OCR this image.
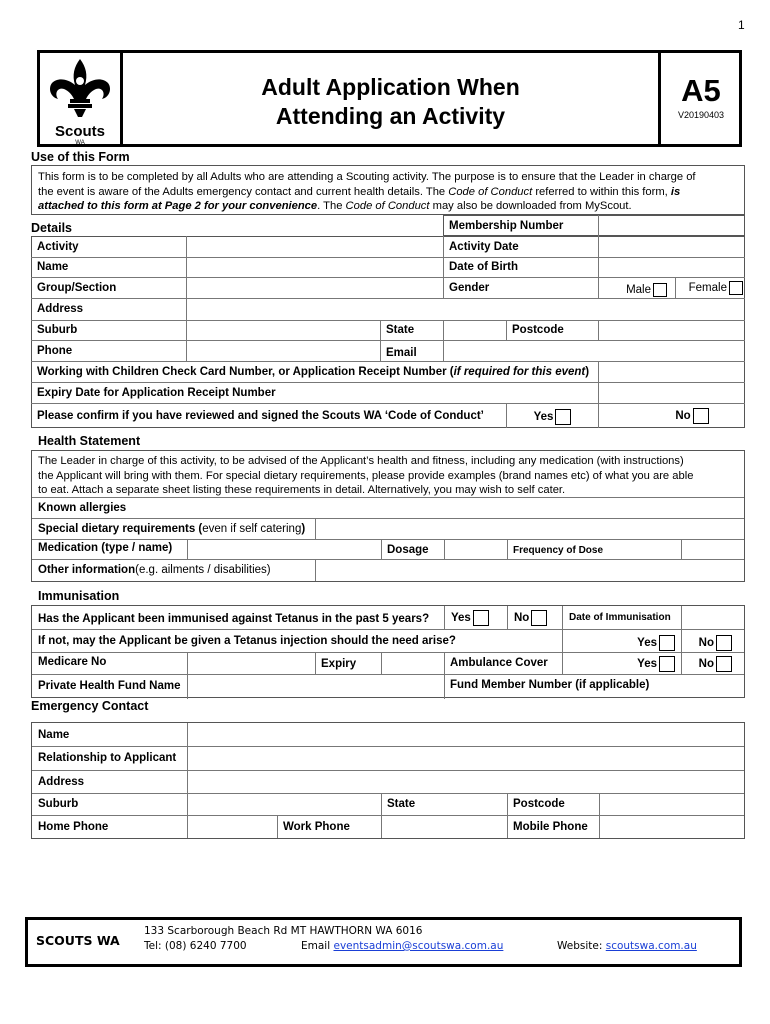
1
Scouts
WA
Adult Application When
Attending an Activity
A5
V20190403
Use of this Form
This form is to be completed by all Adults who are attending a Scouting activity. The purpose is to ensure that the Leader in charge of
the event is aware of the Adults emergency contact and current health details. The Code of Conduct referred to within this form, is
attached to this form at Page 2 for your convenience. The Code of Conduct may also be downloaded from MyScout.
Details	Membership Number
Activity	Activity Date
Name	Date of Birth
Group/Section	Gender	Male	Female
Address
Suburb	State	Postcode
Phone	Email
Working with Children Check Card Number, or Application Receipt Number ( if required for this event )
Expiry Date for Application Receipt Number
Please confirm if you have reviewed and signed the Scouts WA ‘Code of Conduct’	Yes	No
Health Statement
The Leader in charge of this activity, to be advised of the Applicant’s health and fitness, including any medication (with instructions)
the Applicant will bring with them. For special dietary requirements, please provide examples (brand names etc) of what you are able
to eat. Attach a separate sheet listing these requirements in detail. Alternatively, you may wish to self cater.
Known allergies
Special dietary requirements ( even if self catering )
Medication (type / name)	Dosage	Frequency of Dose
Other information (e.g. ailments / disabilities)
Immunisation
Has the Applicant been immunised against Tetanus in the past 5 years?	Yes	No	Date of Immunisation
If not, may the Applicant be given a Tetanus injection should the need arise?	Yes	No
Medicare No	Expiry	Ambulance Cover	Yes	No
Private Health Fund Name	Fund Member Number (if applicable)
Emergency Contact
Name
Relationship to Applicant
Address
Suburb	State	Postcode
Home Phone	Work Phone	Mobile Phone
SCOUTS WA
133 Scarborough Beach Rd MT HAWTHORN WA 6016
Tel: (08) 6240 7700	Email eventsadmin@scoutswa.com.au	Website: scoutswa.com.au
